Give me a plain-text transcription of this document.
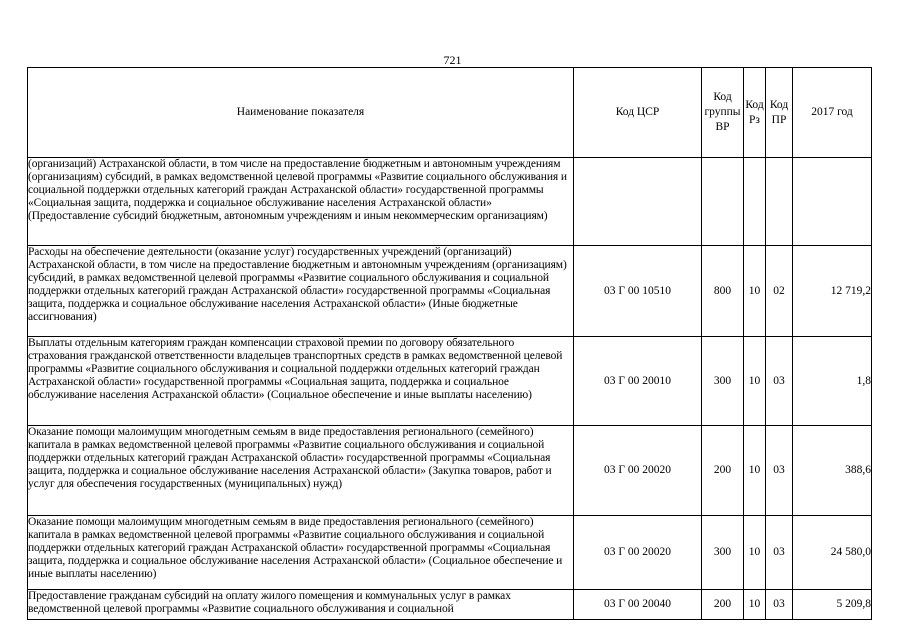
721
Наименование показателя	Код ЦСР	Код группы ВР	Код Рз	Код ПР	2017 год
(организаций) Астраханской области, в том числе на предоставление бюджетным и автономным учреждениям (организациям) субсидий, в рамках ведомственной целевой программы «Развитие социального обслуживания и социальной поддержки отдельных категорий граждан Астраханской области» государственной программы «Социальная защита, поддержка и социальное обслуживание населения Астраханской области» (Предоставление субсидий бюджетным, автономным учреждениям и иным некоммерческим организациям)					
Расходы на обеспечение деятельности (оказание услуг) государственных учреждений (организаций) Астраханской области, в том числе на предоставление бюджетным и автономным учреждениям (организациям) субсидий, в рамках ведомственной целевой программы «Развитие социального обслуживания и социальной поддержки отдельных категорий граждан Астраханской области» государственной программы «Социальная защита, поддержка и социальное обслуживание населения Астраханской области» (Иные бюджетные ассигнования)	03 Г 00 10510	800	10	02	12 719,2
Выплаты отдельным категориям граждан компенсации страховой премии по договору обязательного страхования гражданской ответственности владельцев транспортных средств в рамках ведомственной целевой программы «Развитие социального обслуживания и социальной поддержки отдельных категорий граждан Астраханской области» государственной программы «Социальная защита, поддержка и социальное обслуживание населения Астраханской области» (Социальное обеспечение и иные выплаты населению)	03 Г 00 20010	300	10	03	1,8
Оказание помощи малоимущим многодетным семьям в виде предоставления регионального (семейного) капитала в рамках ведомственной целевой программы «Развитие социального обслуживания и социальной поддержки отдельных категорий граждан Астраханской области» государственной программы «Социальная защита, поддержка и социальное обслуживание населения Астраханской области» (Закупка товаров, работ и услуг для обеспечения государственных (муниципальных) нужд)	03 Г 00 20020	200	10	03	388,6
Оказание помощи малоимущим многодетным семьям в виде предоставления регионального (семейного) капитала в рамках ведомственной целевой программы «Развитие социального обслуживания и социальной поддержки отдельных категорий граждан Астраханской области» государственной программы «Социальная защита, поддержка и социальное обслуживание населения Астраханской области» (Социальное обеспечение и иные выплаты населению)	03 Г 00 20020	300	10	03	24 580,0
Предоставление гражданам субсидий на оплату жилого помещения и коммунальных услуг в рамках ведомственной целевой программы «Развитие социального обслуживания и социальной	03 Г 00 20040	200	10	03	5 209,8
